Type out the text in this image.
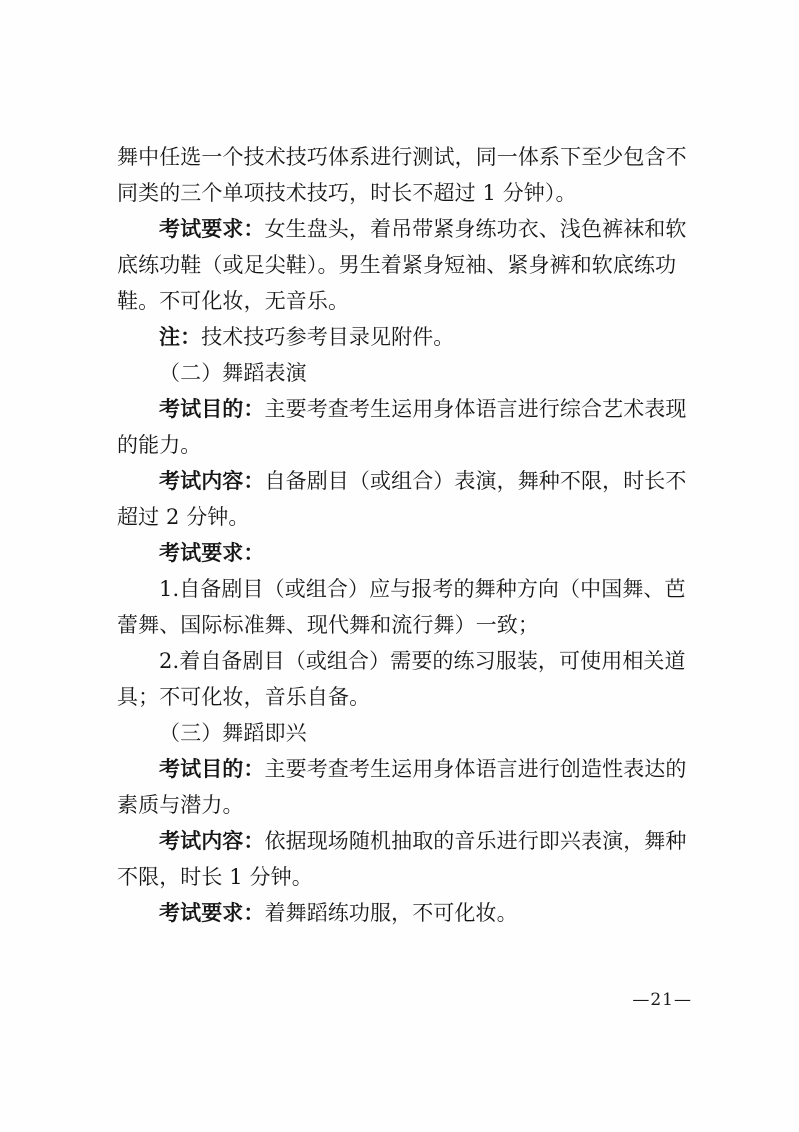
舞中任选一个技术技巧体系进行测试，同一体系下至少包含不
同类的三个单项技术技巧，时长不超过 1 分钟）。
考试要求：女生盘头，着吊带紧身练功衣、浅色裤袜和软
底练功鞋（或足尖鞋）。男生着紧身短袖、紧身裤和软底练功
鞋。不可化妆，无音乐。
注：技术技巧参考目录见附件。
（二）舞蹈表演
考试目的：主要考查考生运用身体语言进行综合艺术表现
的能力。
考试内容：自备剧目（或组合）表演，舞种不限，时长不
超过 2 分钟。
考试要求：
1.自备剧目（或组合）应与报考的舞种方向（中国舞、芭
蕾舞、国际标准舞、现代舞和流行舞）一致；
2.着自备剧目（或组合）需要的练习服装，可使用相关道
具；不可化妆，音乐自备。
（三）舞蹈即兴
考试目的：主要考查考生运用身体语言进行创造性表达的
素质与潜力。
考试内容：依据现场随机抽取的音乐进行即兴表演，舞种
不限，时长 1 分钟。
考试要求：着舞蹈练功服，不可化妆。
—21—
